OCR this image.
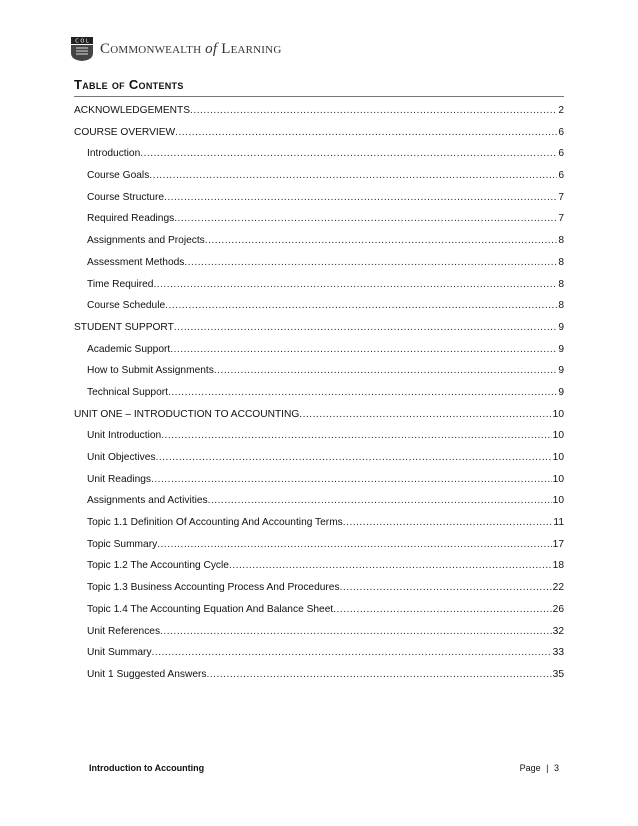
C O L Commonwealth of Learning
Table of Contents
ACKNOWLEDGEMENTS .....	2
COURSE OVERVIEW .....	6
Introduction .....	6
Course Goals .....	6
Course Structure .....	7
Required Readings .....	7
Assignments and Projects .....	8
Assessment Methods .....	8
Time Required .....	8
Course Schedule .....	8
STUDENT SUPPORT .....	9
Academic Support .....	9
How to Submit Assignments .....	9
Technical Support .....	9
UNIT ONE – INTRODUCTION TO ACCOUNTING .....	10
Unit Introduction .....	10
Unit Objectives .....	10
Unit Readings .....	10
Assignments and Activities .....	10
Topic 1.1 Definition Of Accounting And Accounting Terms .....	11
Topic Summary .....	17
Topic 1.2 The Accounting Cycle .....	18
Topic 1.3 Business Accounting Process And Procedures .....	22
Topic 1.4 The Accounting Equation And Balance Sheet .....	26
Unit References .....	32
Unit Summary .....	33
Unit 1 Suggested Answers .....	35
Introduction to Accounting	Page | 3
